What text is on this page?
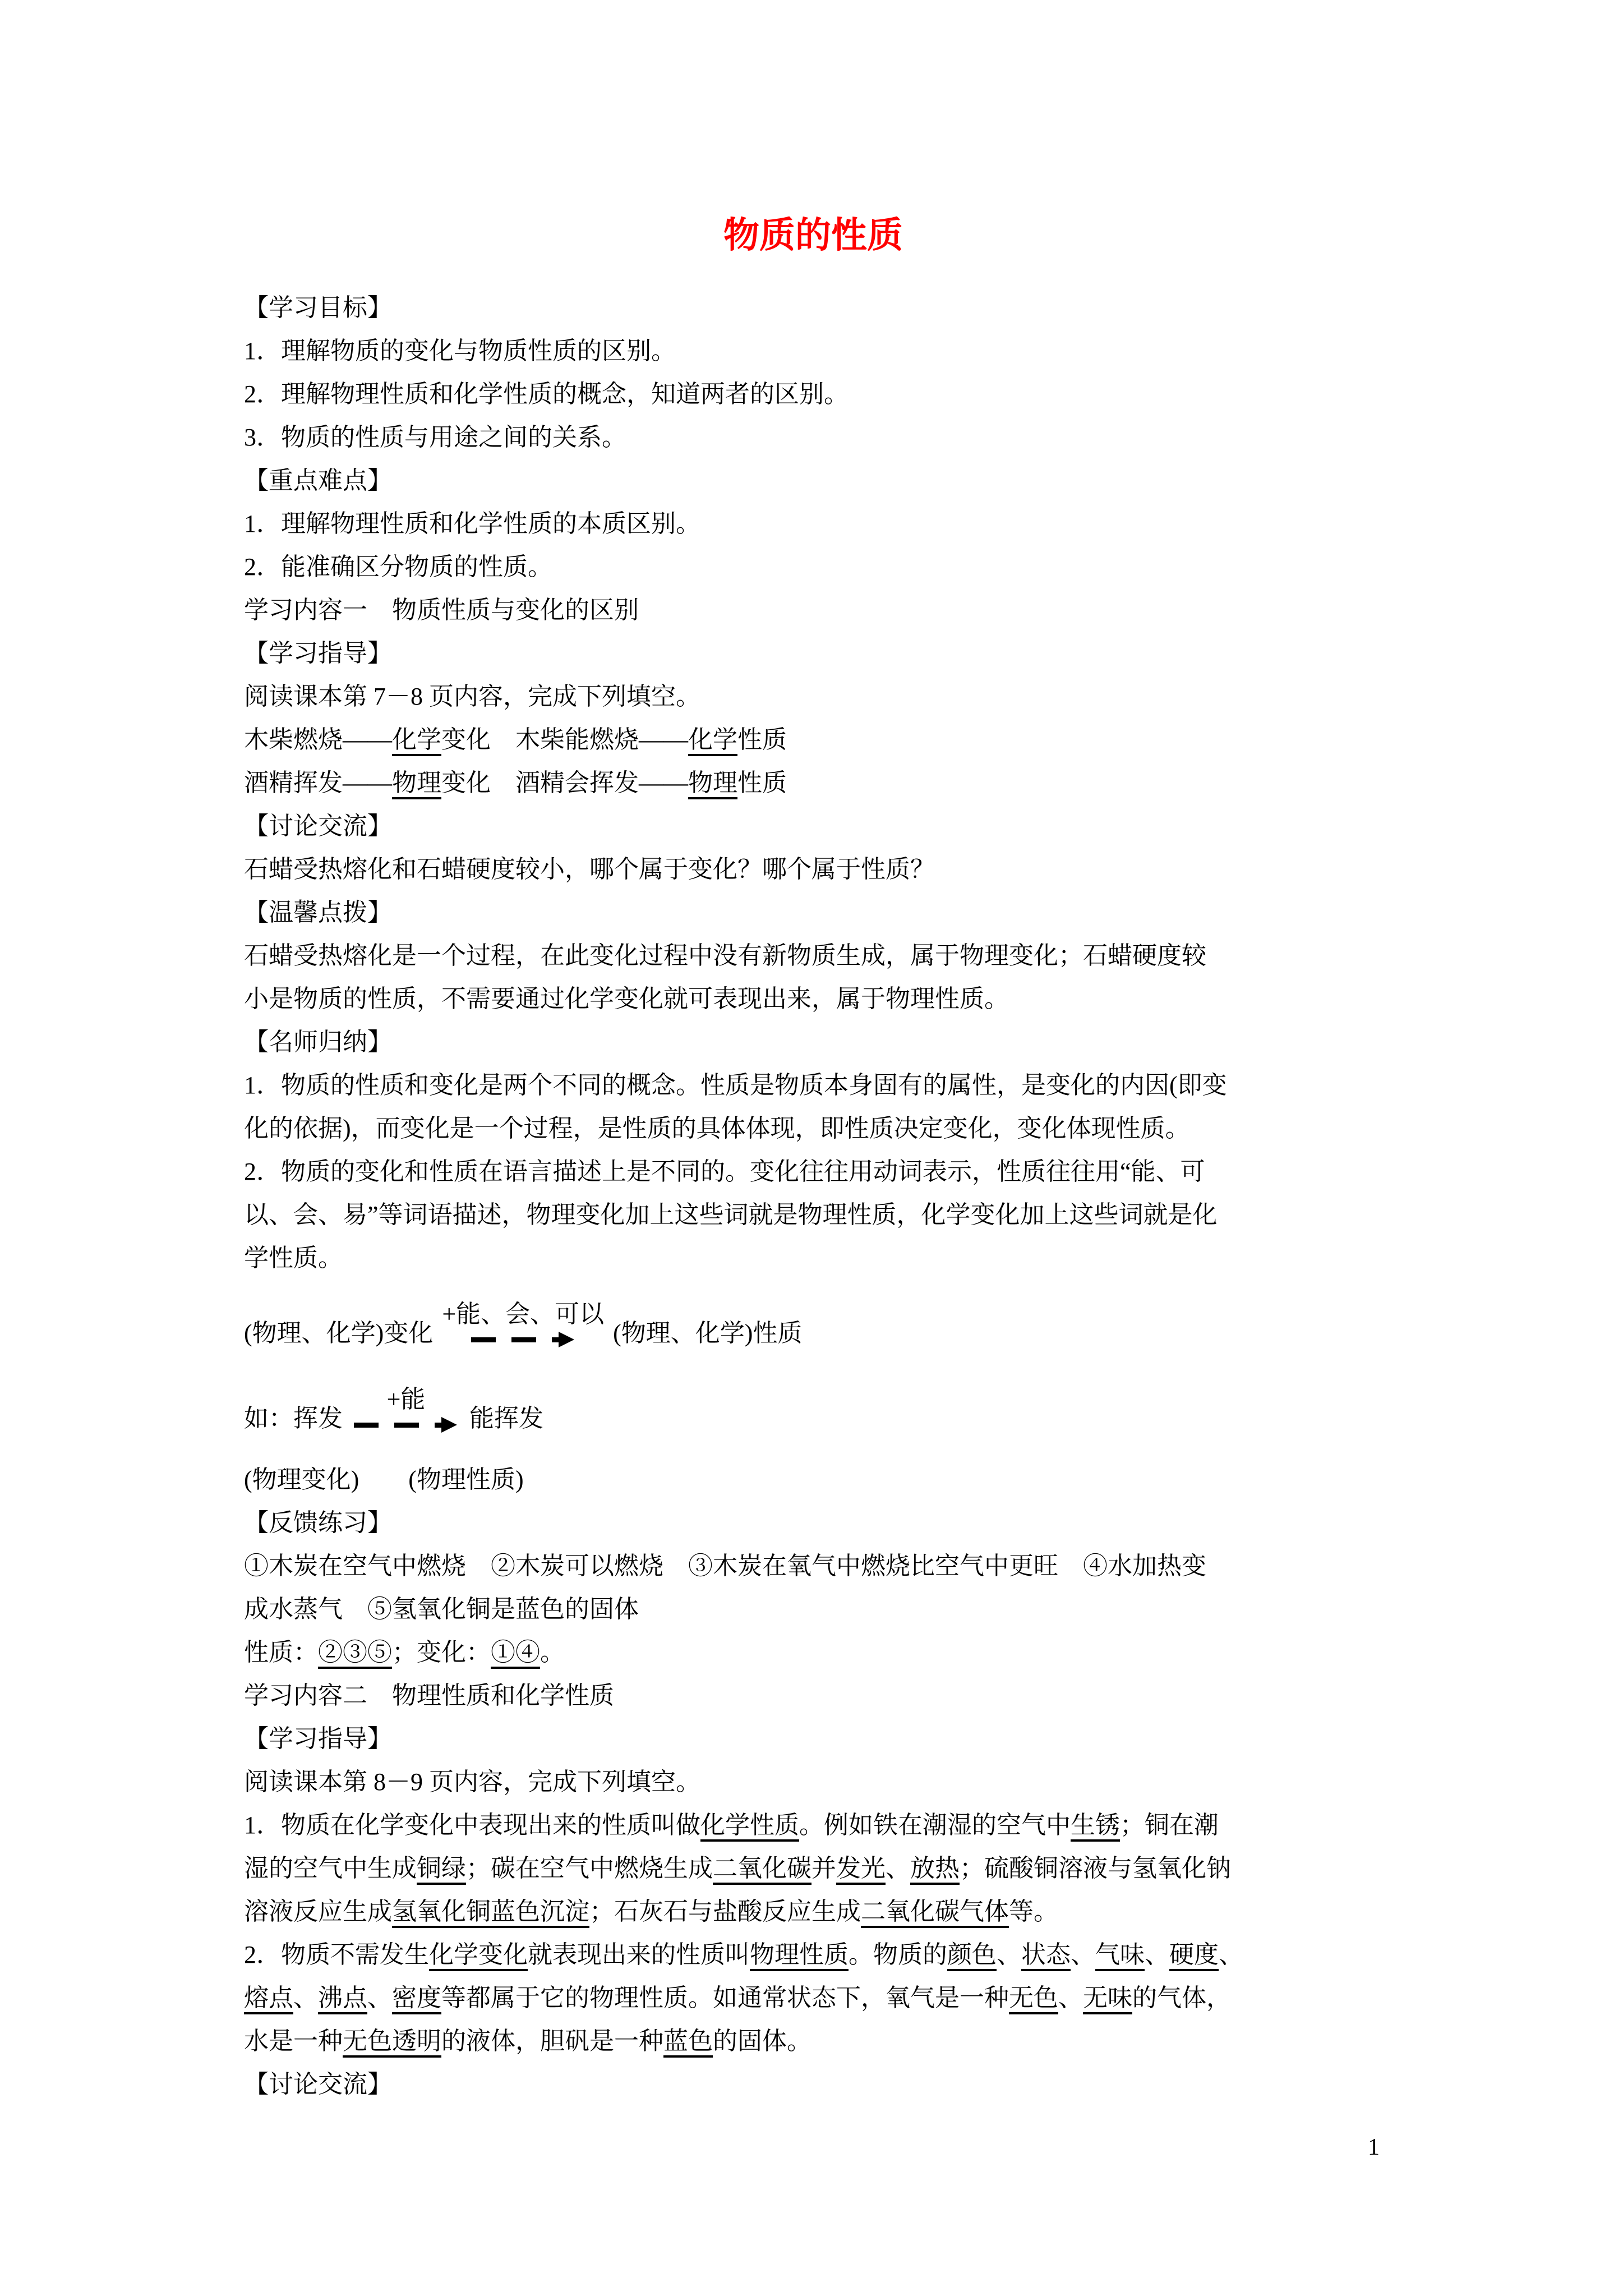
物质的性质

【学习目标】

1．理解物质的变化与物质性质的区别。

2．理解物理性质和化学性质的概念，知道两者的区别。

3．物质的性质与用途之间的关系。

【重点难点】

1．理解物理性质和化学性质的本质区别。

2．能准确区分物质的性质。

学习内容一　物质性质与变化的区别

【学习指导】

阅读课本第 7－8 页内容，完成下列填空。

木柴燃烧——化学变化　木柴能燃烧——化学性质

酒精挥发——物理变化　酒精会挥发——物理性质

【讨论交流】

石蜡受热熔化和石蜡硬度较小，哪个属于变化？哪个属于性质？

【温馨点拨】

石蜡受热熔化是一个过程，在此变化过程中没有新物质生成，属于物理变化；石蜡硬度较

小是物质的性质，不需要通过化学变化就可表现出来，属于物理性质。

【名师归纳】

1．物质的性质和变化是两个不同的概念。性质是物质本身固有的属性，是变化的内因(即变

化的依据)，而变化是一个过程，是性质的具体体现，即性质决定变化，变化体现性质。

2．物质的变化和性质在语言描述上是不同的。变化往往用动词表示，性质往往用“能、可

以、会、易”等词语描述，物理变化加上这些词就是物理性质，化学变化加上这些词就是化

学性质。

(物理、化学)变化
+能、会、可以
(物理、化学)性质
如：挥发
+能
能挥发

(物理变化)　　(物理性质)

【反馈练习】

①木炭在空气中燃烧　②木炭可以燃烧　③木炭在氧气中燃烧比空气中更旺　④水加热变

成水蒸气　⑤氢氧化铜是蓝色的固体

性质：②③⑤；变化：①④。

学习内容二　物理性质和化学性质

【学习指导】

阅读课本第 8－9 页内容，完成下列填空。

1．物质在化学变化中表现出来的性质叫做化学性质。例如铁在潮湿的空气中生锈；铜在潮

湿的空气中生成铜绿；碳在空气中燃烧生成二氧化碳并发光、放热；硫酸铜溶液与氢氧化钠

溶液反应生成氢氧化铜蓝色沉淀；石灰石与盐酸反应生成二氧化碳气体等。

2．物质不需发生化学变化就表现出来的性质叫物理性质。物质的颜色、状态、气味、硬度、

熔点、沸点、密度等都属于它的物理性质。如通常状态下，氧气是一种无色、无味的气体，

水是一种无色透明的液体，胆矾是一种蓝色的固体。

【讨论交流】

1
